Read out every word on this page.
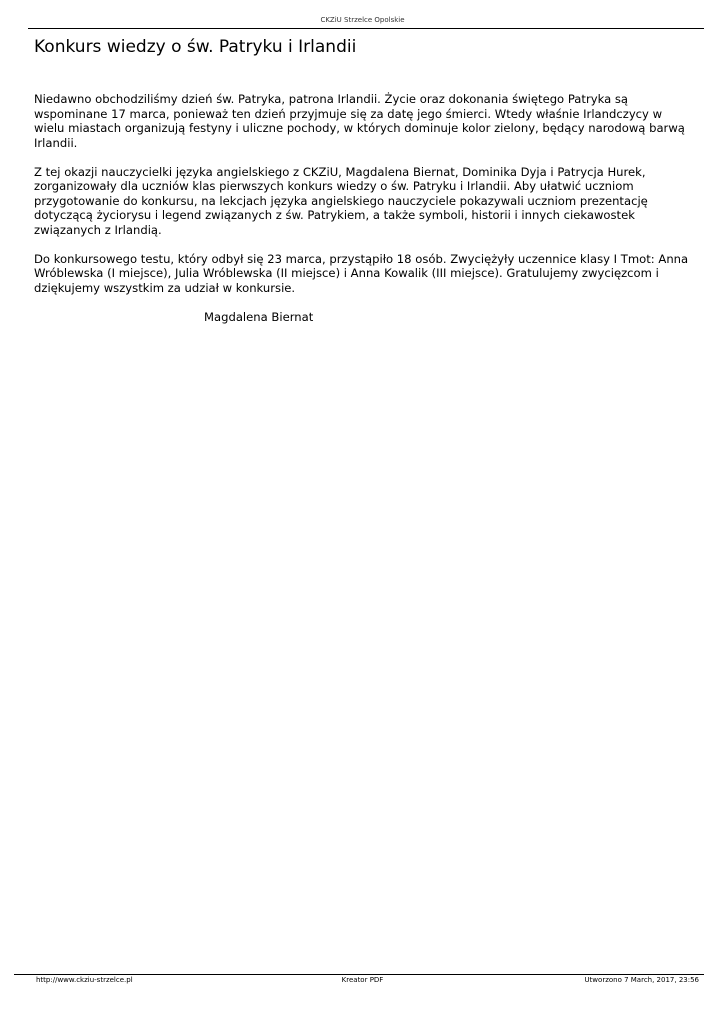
CKZiU Strzelce Opolskie
Konkurs wiedzy o św. Patryku i Irlandii

Niedawno obchodziliśmy dzień św. Patryka, patrona Irlandii. Życie oraz dokonania świętego Patryka są wspominane 17 marca, ponieważ ten dzień przyjmuje się za datę jego śmierci. Wtedy właśnie Irlandczycy w wielu miastach organizują festyny i uliczne pochody, w których dominuje kolor zielony, będący narodową barwą Irlandii.

Z tej okazji nauczycielki języka angielskiego z CKZiU, Magdalena Biernat, Dominika Dyja i Patrycja Hurek, zorganizowały dla uczniów klas pierwszych konkurs wiedzy o św. Patryku i Irlandii. Aby ułatwić uczniom przygotowanie do konkursu, na lekcjach języka angielskiego nauczyciele pokazywali uczniom prezentację dotyczącą życiorysu i legend związanych z św. Patrykiem, a także symboli, historii i innych ciekawostek związanych z Irlandią.

Do konkursowego testu, który odbył się 23 marca, przystąpiło 18 osób. Zwyciężyły uczennice klasy I Tmot: Anna Wróblewska (I miejsce), Julia Wróblewska (II miejsce) i Anna Kowalik (III miejsce). Gratulujemy zwycięzcom i dziękujemy wszystkim za udział w konkursie.

Magdalena Biernat

http://www.ckziu-strzelce.pl	Kreator PDF	Utworzono 7 March, 2017, 23:56
